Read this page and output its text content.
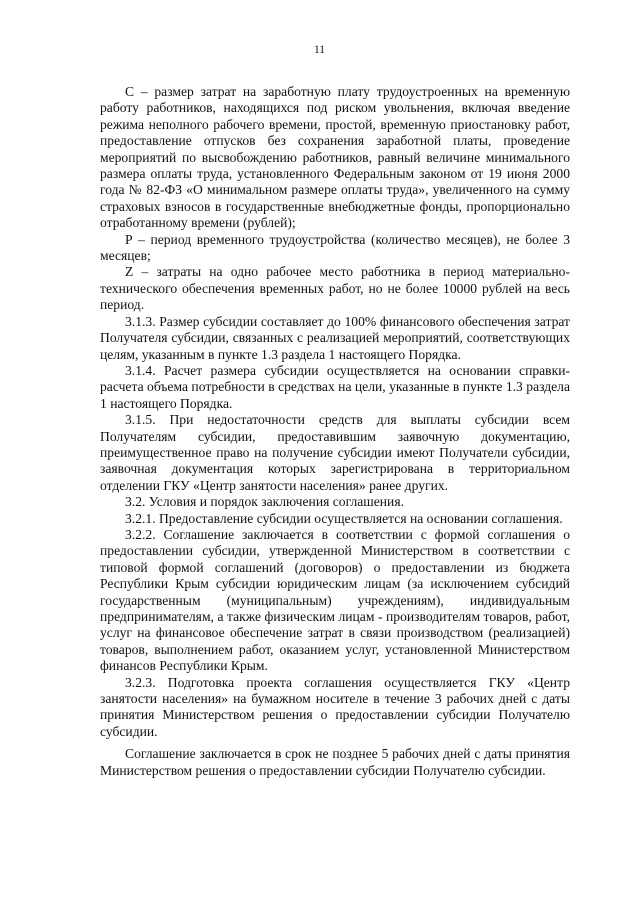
11

С – размер затрат на заработную плату трудоустроенных на временную работу работников, находящихся под риском увольнения, включая введение режима неполного рабочего времени, простой, временную приостановку работ, предоставление отпусков без сохранения заработной платы, проведение мероприятий по высвобождению работников, равный величине минимального размера оплаты труда, установленного Федеральным законом от 19 июня 2000 года № 82-ФЗ «О минимальном размере оплаты труда», увеличенного на сумму страховых взносов в государственные внебюджетные фонды, пропорционально отработанному времени (рублей);

Р – период временного трудоустройства (количество месяцев), не более 3 месяцев;

Z – затраты на одно рабочее место работника в период материально-технического обеспечения временных работ, но не более 10000 рублей на весь период.

3.1.3. Размер субсидии составляет до 100% финансового обеспечения затрат Получателя субсидии, связанных с реализацией мероприятий, соответствующих целям, указанным в пункте 1.3 раздела 1 настоящего Порядка.

3.1.4. Расчет размера субсидии осуществляется на основании справки-расчета объема потребности в средствах на цели, указанные в пункте 1.3 раздела 1 настоящего Порядка.

3.1.5. При недостаточности средств для выплаты субсидии всем Получателям субсидии, предоставившим заявочную документацию, преимущественное право на получение субсидии имеют Получатели субсидии, заявочная документация которых зарегистрирована в территориальном отделении ГКУ «Центр занятости населения» ранее других.

3.2. Условия и порядок заключения соглашения.

3.2.1. Предоставление субсидии осуществляется на основании соглашения.

3.2.2. Соглашение заключается в соответствии с формой соглашения о предоставлении субсидии, утвержденной Министерством в соответствии с типовой формой соглашений (договоров) о предоставлении из бюджета Республики Крым субсидии юридическим лицам (за исключением субсидий государственным (муниципальным) учреждениям), индивидуальным предпринимателям, а также физическим лицам - производителям товаров, работ, услуг на финансовое обеспечение затрат в связи производством (реализацией) товаров, выполнением работ, оказанием услуг, установленной Министерством финансов Республики Крым.

3.2.3. Подготовка проекта соглашения осуществляется ГКУ «Центр занятости населения» на бумажном носителе в течение 3 рабочих дней с даты принятия Министерством решения о предоставлении субсидии Получателю субсидии.

Соглашение заключается в срок не позднее 5 рабочих дней с даты принятия Министерством решения о предоставлении субсидии Получателю субсидии.
